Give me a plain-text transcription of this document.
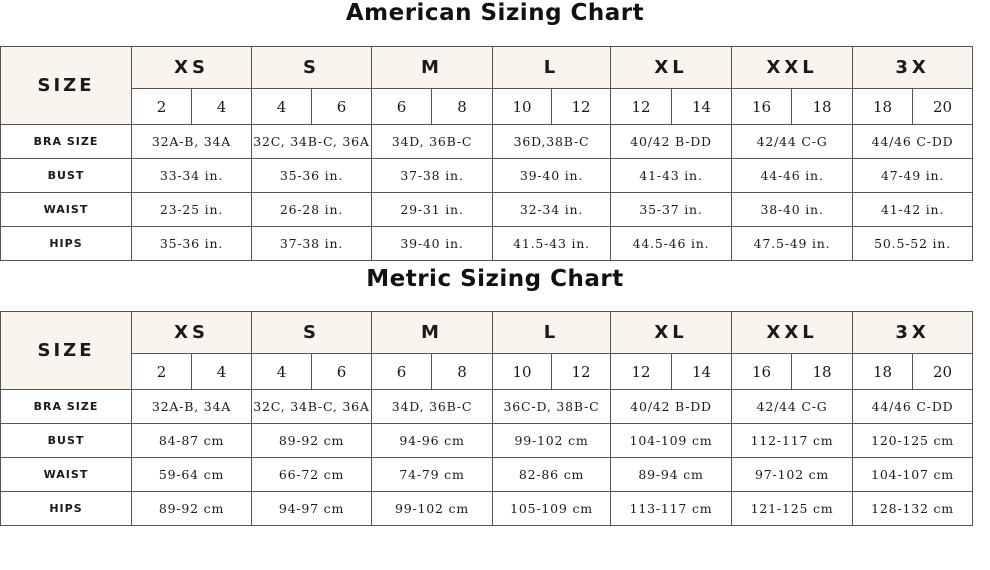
American Sizing Chart
SIZE	XS		S		M		L		XL		XXL		3X	
	2	4	4	6	6	8	10	12	12	14	16	18	18	20
BRA SIZE	32A-B, 34A		32C, 34B-C, 36A		34D, 36B-C		36D,38B-C		40/42 B-DD		42/44 C-G		44/46 C-DD	
BUST	33-34 in.		35-36 in.		37-38 in.		39-40 in.		41-43 in.		44-46 in.		47-49 in.	
WAIST	23-25 in.		26-28 in.		29-31 in.		32-34 in.		35-37 in.		38-40 in.		41-42 in.	
HIPS	35-36 in.		37-38 in.		39-40 in.		41.5-43 in.		44.5-46 in.		47.5-49 in.		50.5-52 in.	
Metric Sizing Chart
SIZE	XS		S		M		L		XL		XXL		3X	
	2	4	4	6	6	8	10	12	12	14	16	18	18	20
BRA SIZE	32A-B, 34A		32C, 34B-C, 36A		34D, 36B-C		36C-D, 38B-C		40/42 B-DD		42/44 C-G		44/46 C-DD	
BUST	84-87 cm		89-92 cm		94-96 cm		99-102 cm		104-109 cm		112-117 cm		120-125 cm	
WAIST	59-64 cm		66-72 cm		74-79 cm		82-86 cm		89-94 cm		97-102 cm		104-107 cm	
HIPS	89-92 cm		94-97 cm		99-102 cm		105-109 cm		113-117 cm		121-125 cm		128-132 cm	
